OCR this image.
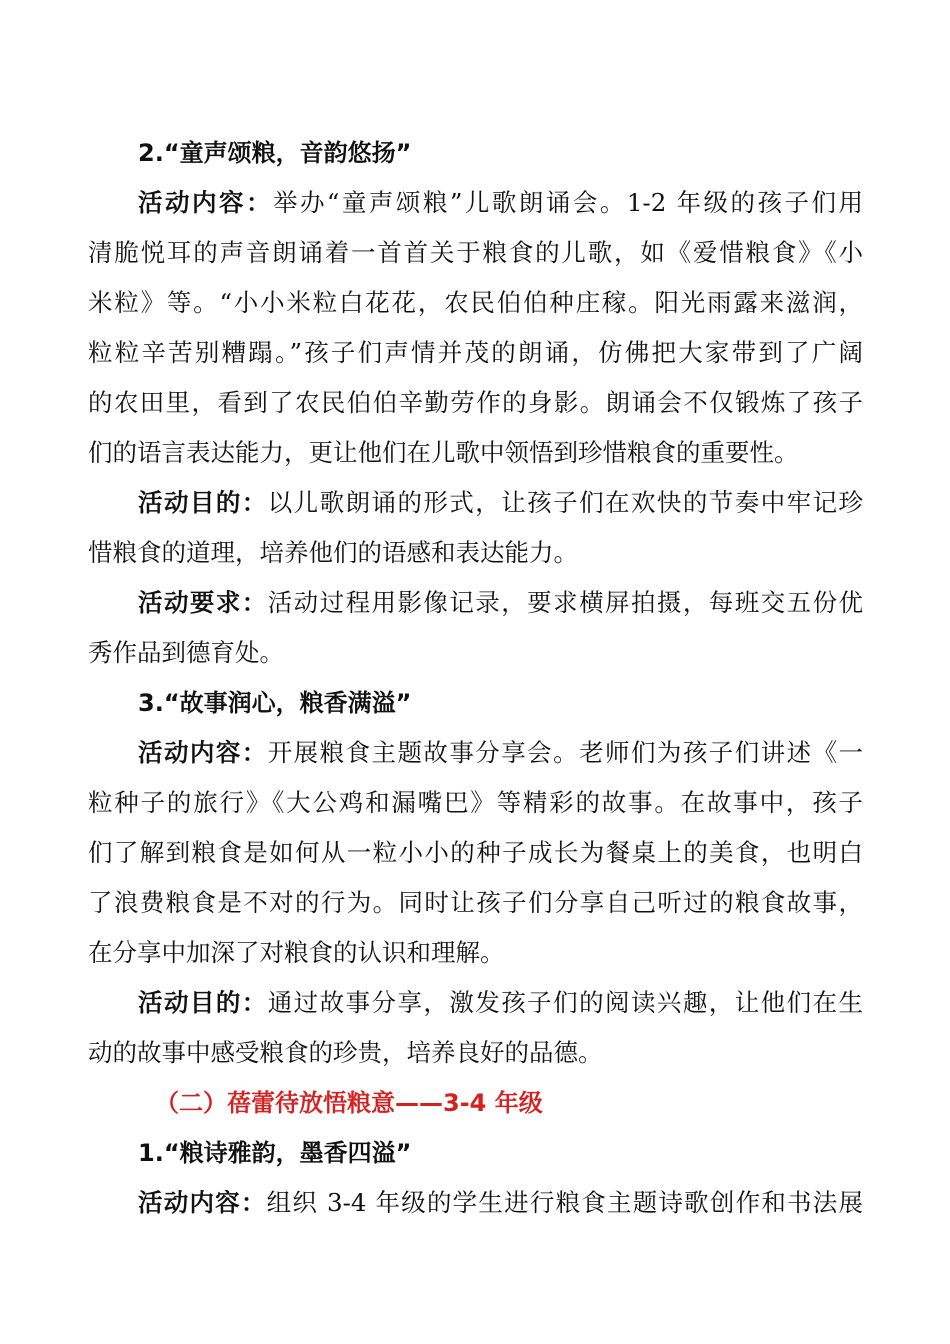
2.“童声颂粮，音韵悠扬”
活动内容：举办“童声颂粮”儿歌朗诵会。1-2 年级的孩子们用
清脆悦耳的声音朗诵着一首首关于粮食的儿歌，如《爱惜粮食》《小
米粒》等。“小小米粒白花花，农民伯伯种庄稼。阳光雨露来滋润，
粒粒辛苦别糟蹋。”孩子们声情并茂的朗诵，仿佛把大家带到了广阔
的农田里，看到了农民伯伯辛勤劳作的身影。朗诵会不仅锻炼了孩子
们的语言表达能力，更让他们在儿歌中领悟到珍惜粮食的重要性。
活动目的：以儿歌朗诵的形式，让孩子们在欢快的节奏中牢记珍
惜粮食的道理，培养他们的语感和表达能力。
活动要求：活动过程用影像记录，要求横屏拍摄，每班交五份优
秀作品到德育处。
3.“故事润心，粮香满溢”
活动内容：开展粮食主题故事分享会。老师们为孩子们讲述《一
粒种子的旅行》《大公鸡和漏嘴巴》等精彩的故事。在故事中，孩子
们了解到粮食是如何从一粒小小的种子成长为餐桌上的美食，也明白
了浪费粮食是不对的行为。同时让孩子们分享自己听过的粮食故事，
在分享中加深了对粮食的认识和理解。
活动目的：通过故事分享，激发孩子们的阅读兴趣，让他们在生
动的故事中感受粮食的珍贵，培养良好的品德。
（二）蓓蕾待放悟粮意——3-4 年级
1.“粮诗雅韵，墨香四溢”
活动内容：组织 3-4 年级的学生进行粮食主题诗歌创作和书法展
